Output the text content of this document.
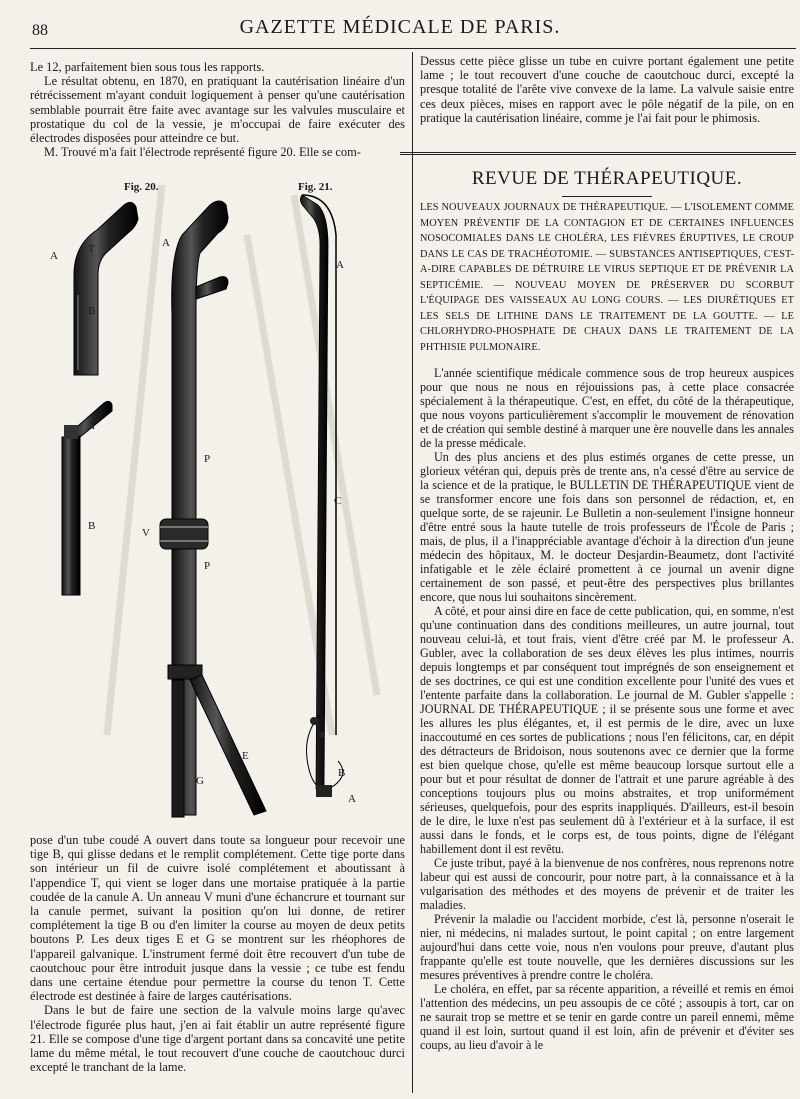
88	GAZETTE MÉDICALE DE PARIS.

Le 12, parfaitement bien sous tous les rapports.

Le résultat obtenu, en 1870, en pratiquant la cautérisation linéaire d'un rétrécissement m'ayant conduit logiquement à penser qu'une cautérisation semblable pourrait être faite avec avantage sur les valvules musculaire et prostatique du col de la vessie, je m'occupai de faire exécuter des électrodes disposées pour atteindre ce but.

M. Trouvé m'a fait l'électrode représenté figure 20. Elle se com-

Fig. 20.	Fig. 21.
A
T
B
T
B
P
V
P
G
E
A
C
A
B
A

pose d'un tube coudé A ouvert dans toute sa longueur pour recevoir une tige B, qui glisse dedans et le remplit complétement. Cette tige porte dans son intérieur un fil de cuivre isolé complétement et aboutissant à l'appendice T, qui vient se loger dans une mortaise pratiquée à la partie coudée de la canule A. Un anneau V muni d'une échancrure et tournant sur la canule permet, suivant la position qu'on lui donne, de retirer complétement la tige B ou d'en limiter la course au moyen de deux petits boutons P. Les deux tiges E et G se montrent sur les rhéophores de l'appareil galvanique. L'instrument fermé doit être recouvert d'un tube de caoutchouc pour être introduit jusque dans la vessie ; ce tube est fendu dans une certaine étendue pour permettre la course du tenon T. Cette électrode est destinée à faire de larges cautérisations.

Dans le but de faire une section de la valvule moins large qu'avec l'électrode figurée plus haut, j'en ai fait établir un autre représenté figure 21. Elle se compose d'une tige d'argent portant dans sa concavité une petite lame du même métal, le tout recouvert d'une couche de caoutchouc durci excepté le tranchant de la lame.

Dessus cette pièce glisse un tube en cuivre portant également une petite lame ; le tout recouvert d'une couche de caoutchouc durci, excepté la presque totalité de l'arête vive convexe de la lame. La valvule saisie entre ces deux pièces, mises en rapport avec le pôle négatif de la pile, on en pratique la cautérisation linéaire, comme je l'ai fait pour le phimosis.

REVUE DE THÉRAPEUTIQUE.
LES NOUVEAUX JOURNAUX DE THÉRAPEUTIQUE. — L'ISOLEMENT COMME MOYEN PRÉVENTIF DE LA CONTAGION ET DE CERTAINES INFLUENCES NOSOCOMIALES DANS LE CHOLÉRA, LES FIÈVRES ÉRUPTIVES, LE CROUP DANS LE CAS DE TRACHÉOTOMIE. — SUBSTANCES ANTISEPTIQUES, C'EST-A-DIRE CAPABLES DE DÉTRUIRE LE VIRUS SEPTIQUE ET DE PRÉVENIR LA SEPTICÉMIE. — NOUVEAU MOYEN DE PRÉSERVER DU SCORBUT L'ÉQUIPAGE DES VAISSEAUX AU LONG COURS. — LES DIURÉTIQUES ET LES SELS DE LITHINE DANS LE TRAITEMENT DE LA GOUTTE. — LE CHLORHYDRO-PHOSPHATE DE CHAUX DANS LE TRAITEMENT DE LA PHTHISIE PULMONAIRE.

L'année scientifique médicale commence sous de trop heureux auspices pour que nous ne nous en réjouissions pas, à cette place consacrée spécialement à la thérapeutique. C'est, en effet, du côté de la thérapeutique, que nous voyons particulièrement s'accomplir le mouvement de rénovation et de création qui semble destiné à marquer une ère nouvelle dans les annales de la presse médicale.

Un des plus anciens et des plus estimés organes de cette presse, un glorieux vétéran qui, depuis près de trente ans, n'a cessé d'être au service de la science et de la pratique, le BULLETIN DE THÉRAPEUTIQUE vient de se transformer encore une fois dans son personnel de rédaction, et, en quelque sorte, de se rajeunir. Le Bulletin a non-seulement l'insigne honneur d'être entré sous la haute tutelle de trois professeurs de l'École de Paris ; mais, de plus, il a l'inappréciable avantage d'échoir à la direction d'un jeune médecin des hôpitaux, M. le docteur Desjardin-Beaumetz, dont l'activité infatigable et le zèle éclairé promettent à ce journal un avenir digne certainement de son passé, et peut-être des perspectives plus brillantes encore, que nous lui souhaitons sincèrement.

A côté, et pour ainsi dire en face de cette publication, qui, en somme, n'est qu'une continuation dans des conditions meilleures, un autre journal, tout nouveau celui-là, et tout frais, vient d'être créé par M. le professeur A. Gubler, avec la collaboration de ses deux élèves les plus intimes, nourris depuis longtemps et par conséquent tout imprégnés de son enseignement et de ses doctrines, ce qui est une condition excellente pour l'unité des vues et l'entente parfaite dans la collaboration. Le journal de M. Gubler s'appelle : JOURNAL DE THÉRAPEUTIQUE ; il se présente sous une forme et avec les allures les plus élégantes, et, il est permis de le dire, avec un luxe inaccoutumé en ces sortes de publications ; nous l'en félicitons, car, en dépit des détracteurs de Bridoison, nous soutenons avec ce dernier que la forme est bien quelque chose, qu'elle est même beaucoup lorsque surtout elle a pour but et pour résultat de donner de l'attrait et une parure agréable à des conceptions toujours plus ou moins abstraites, et trop uniformément sérieuses, quelquefois, pour des esprits inappliqués. D'ailleurs, est-il besoin de le dire, le luxe n'est pas seulement dû à l'extérieur et à la surface, il est aussi dans le fonds, et le corps est, de tous points, digne de l'élégant habillement dont il est revêtu.

Ce juste tribut, payé à la bienvenue de nos confrères, nous reprenons notre labeur qui est aussi de concourir, pour notre part, à la connaissance et à la vulgarisation des méthodes et des moyens de prévenir et de traiter les maladies.

Prévenir la maladie ou l'accident morbide, c'est là, personne n'oserait le nier, ni médecins, ni malades surtout, le point capital ; on entre largement aujourd'hui dans cette voie, nous n'en voulons pour preuve, d'autant plus frappante qu'elle est toute nouvelle, que les dernières discussions sur les mesures préventives à prendre contre le choléra.

Le choléra, en effet, par sa récente apparition, a réveillé et remis en émoi l'attention des médecins, un peu assoupis de ce côté ; assoupis à tort, car on ne saurait trop se mettre et se tenir en garde contre un pareil ennemi, même quand il est loin, surtout quand il est loin, afin de prévenir et d'éviter ses coups, au lieu d'avoir à le
